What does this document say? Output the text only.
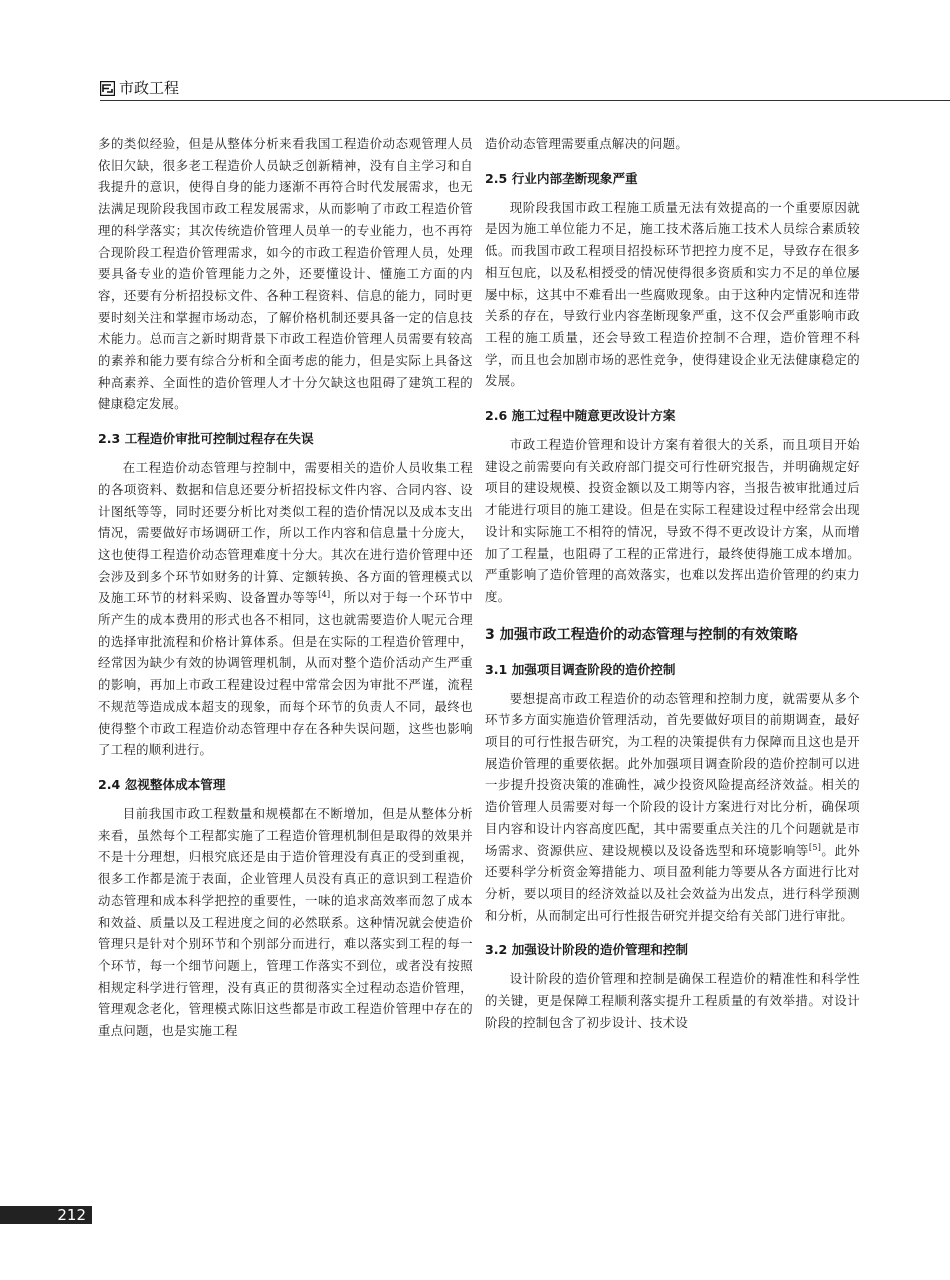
市政工程

多的类似经验，但是从整体分析来看我国工程造价动态观管理人员依旧欠缺，很多老工程造价人员缺乏创新精神，没有自主学习和自我提升的意识，使得自身的能力逐渐不再符合时代发展需求，也无法满足现阶段我国市政工程发展需求，从而影响了市政工程造价管理的科学落实；其次传统造价管理人员单一的专业能力，也不再符合现阶段工程造价管理需求，如今的市政工程造价管理人员，处理要具备专业的造价管理能力之外，还要懂设计、懂施工方面的内容，还要有分析招投标文件、各种工程资料、信息的能力，同时更要时刻关注和掌握市场动态，了解价格机制还要具备一定的信息技术能力。总而言之新时期背景下市政工程造价管理人员需要有较高的素养和能力要有综合分析和全面考虑的能力，但是实际上具备这种高素养、全面性的造价管理人才十分欠缺这也阻碍了建筑工程的健康稳定发展。

2.3 工程造价审批可控制过程存在失误

在工程造价动态管理与控制中，需要相关的造价人员收集工程的各项资料、数据和信息还要分析招投标文件内容、合同内容、设计图纸等等，同时还要分析比对类似工程的造价情况以及成本支出情况，需要做好市场调研工作，所以工作内容和信息量十分庞大，这也使得工程造价动态管理难度十分大。其次在进行造价管理中还会涉及到多个环节如财务的计算、定额转换、各方面的管理模式以及施工环节的材料采购、设备置办等等[4]，所以对于每一个环节中所产生的成本费用的形式也各不相同，这也就需要造价人呢元合理的选择审批流程和价格计算体系。但是在实际的工程造价管理中，经常因为缺少有效的协调管理机制，从而对整个造价活动产生严重的影响，再加上市政工程建设过程中常常会因为审批不严谨，流程不规范等造成成本超支的现象，而每个环节的负责人不同，最终也使得整个市政工程造价动态管理中存在各种失误问题，这些也影响了工程的顺利进行。

2.4 忽视整体成本管理

目前我国市政工程数量和规模都在不断增加，但是从整体分析来看，虽然每个工程都实施了工程造价管理机制但是取得的效果并不是十分理想，归根究底还是由于造价管理没有真正的受到重视，很多工作都是流于表面，企业管理人员没有真正的意识到工程造价动态管理和成本科学把控的重要性，一味的追求高效率而忽了成本和效益、质量以及工程进度之间的必然联系。这种情况就会使造价管理只是针对个别环节和个别部分而进行，难以落实到工程的每一个环节，每一个细节问题上，管理工作落实不到位，或者没有按照相规定科学进行管理，没有真正的贯彻落实全过程动态造价管理，管理观念老化，管理模式陈旧这些都是市政工程造价管理中存在的重点问题，也是实施工程

造价动态管理需要重点解决的问题。

2.5 行业内部垄断现象严重

现阶段我国市政工程施工质量无法有效提高的一个重要原因就是因为施工单位能力不足，施工技术落后施工技术人员综合素质较低。而我国市政工程项目招投标环节把控力度不足，导致存在很多相互包庇，以及私相授受的情况使得很多资质和实力不足的单位屡屡中标，这其中不难看出一些腐败现象。由于这种内定情况和连带关系的存在，导致行业内容垄断现象严重，这不仅会严重影响市政工程的施工质量，还会导致工程造价控制不合理，造价管理不科学，而且也会加剧市场的恶性竞争，使得建设企业无法健康稳定的发展。

2.6 施工过程中随意更改设计方案

市政工程造价管理和设计方案有着很大的关系，而且项目开始建设之前需要向有关政府部门提交可行性研究报告，并明确规定好项目的建设规模、投资金额以及工期等内容，当报告被审批通过后才能进行项目的施工建设。但是在实际工程建设过程中经常会出现设计和实际施工不相符的情况，导致不得不更改设计方案，从而增加了工程量，也阻碍了工程的正常进行，最终使得施工成本增加。严重影响了造价管理的高效落实，也难以发挥出造价管理的约束力度。

3 加强市政工程造价的动态管理与控制的有效策略
3.1 加强项目调查阶段的造价控制

要想提高市政工程造价的动态管理和控制力度，就需要从多个环节多方面实施造价管理活动，首先要做好项目的前期调查，最好项目的可行性报告研究，为工程的决策提供有力保障而且这也是开展造价管理的重要依据。此外加强项目调查阶段的造价控制可以进一步提升投资决策的准确性，减少投资风险提高经济效益。相关的造价管理人员需要对每一个阶段的设计方案进行对比分析，确保项目内容和设计内容高度匹配，其中需要重点关注的几个问题就是市场需求、资源供应、建设规模以及设备选型和环境影响等[5]。此外还要科学分析资金筹措能力、项目盈利能力等要从各方面进行比对分析，要以项目的经济效益以及社会效益为出发点，进行科学预测和分析，从而制定出可行性报告研究并提交给有关部门进行审批。

3.2 加强设计阶段的造价管理和控制

设计阶段的造价管理和控制是确保工程造价的精准性和科学性的关键，更是保障工程顺利落实提升工程质量的有效举措。对设计阶段的控制包含了初步设计、技术设

212
